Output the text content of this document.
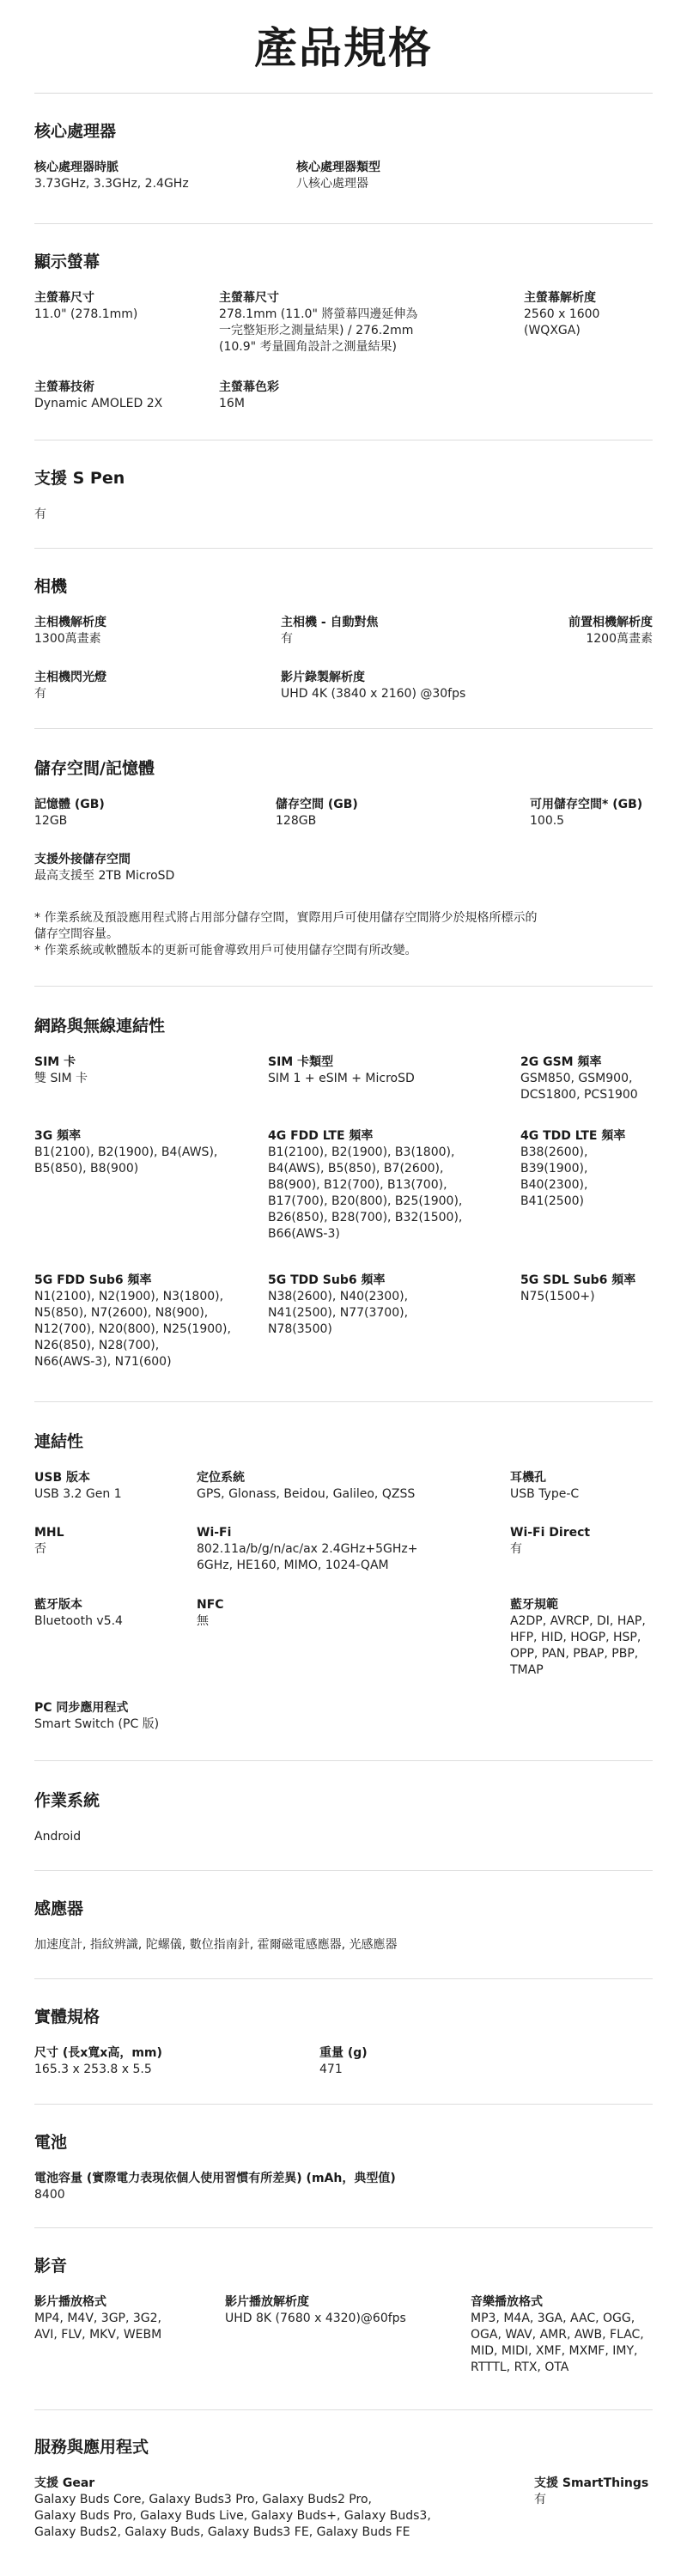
產品規格
核心處理器
核心處理器時脈
3.73GHz, 3.3GHz, 2.4GHz
核心處理器類型
八核心處理器
顯示螢幕
主螢幕尺寸
11.0" (278.1mm)
主螢幕尺寸
278.1mm (11.0" 將螢幕四邊延伸為
一完整矩形之測量結果) / 276.2mm
(10.9" 考量圓角設計之測量結果)
主螢幕解析度
2560 x 1600 (WQXGA)
主螢幕技術
Dynamic AMOLED 2X
主螢幕色彩
16M
支援 S Pen
有
相機
主相機解析度
1300萬畫素
主相機 - 自動對焦
有
前置相機解析度
1200萬畫素
主相機閃光燈
有
影片錄製解析度
UHD 4K (3840 x 2160) @30fps
儲存空間/記憶體
記憶體 (GB)
12GB
儲存空間 (GB)
128GB
可用儲存空間* (GB)
100.5
支援外接儲存空間
最高支援至 2TB MicroSD
* 作業系統及預設應用程式將占用部分儲存空間，實際用戶可使用儲存空間將少於規格所標示的
儲存空間容量。
* 作業系統或軟體版本的更新可能會導致用戶可使用儲存空間有所改變。
網路與無線連結性
SIM 卡
雙 SIM 卡
SIM 卡類型
SIM 1 + eSIM + MicroSD
2G GSM 頻率
GSM850, GSM900,
DCS1800, PCS1900
3G 頻率
B1(2100), B2(1900), B4(AWS),
B5(850), B8(900)
4G FDD LTE 頻率
B1(2100), B2(1900), B3(1800),
B4(AWS), B5(850), B7(2600),
B8(900), B12(700), B13(700),
B17(700), B20(800), B25(1900),
B26(850), B28(700), B32(1500),
B66(AWS-3)
4G TDD LTE 頻率
B38(2600), B39(1900),
B40(2300), B41(2500)
5G FDD Sub6 頻率
N1(2100), N2(1900), N3(1800),
N5(850), N7(2600), N8(900),
N12(700), N20(800), N25(1900),
N26(850), N28(700),
N66(AWS-3), N71(600)
5G TDD Sub6 頻率
N38(2600), N40(2300),
N41(2500), N77(3700),
N78(3500)
5G SDL Sub6 頻率
N75(1500+)
連結性
USB 版本
USB 3.2 Gen 1
定位系統
GPS, Glonass, Beidou, Galileo, QZSS
耳機孔
USB Type-C
MHL
否
Wi-Fi
802.11a/b/g/n/ac/ax 2.4GHz+5GHz+
6GHz, HE160, MIMO, 1024-QAM
Wi-Fi Direct
有
藍牙版本
Bluetooth v5.4
NFC
無
藍牙規範
A2DP, AVRCP, DI, HAP,
HFP, HID, HOGP, HSP,
OPP, PAN, PBAP, PBP,
TMAP
PC 同步應用程式
Smart Switch (PC 版)
作業系統
Android
感應器
加速度計, 指紋辨識, 陀螺儀, 數位指南針, 霍爾磁電感應器, 光感應器
實體規格
尺寸 (長x寬x高，mm)
165.3 x 253.8 x 5.5
重量 (g)
471
電池
電池容量 (實際電力表現依個人使用習慣有所差異) (mAh，典型值)
8400
影音
影片播放格式
MP4, M4V, 3GP, 3G2,
AVI, FLV, MKV, WEBM
影片播放解析度
UHD 8K (7680 x 4320)@60fps
音樂播放格式
MP3, M4A, 3GA, AAC, OGG,
OGA, WAV, AMR, AWB, FLAC,
MID, MIDI, XMF, MXMF, IMY,
RTTTL, RTX, OTA
服務與應用程式
支援 Gear
Galaxy Buds Core, Galaxy Buds3 Pro, Galaxy Buds2 Pro,
Galaxy Buds Pro, Galaxy Buds Live, Galaxy Buds+, Galaxy Buds3,
Galaxy Buds2, Galaxy Buds, Galaxy Buds3 FE, Galaxy Buds FE
支援 SmartThings
有
